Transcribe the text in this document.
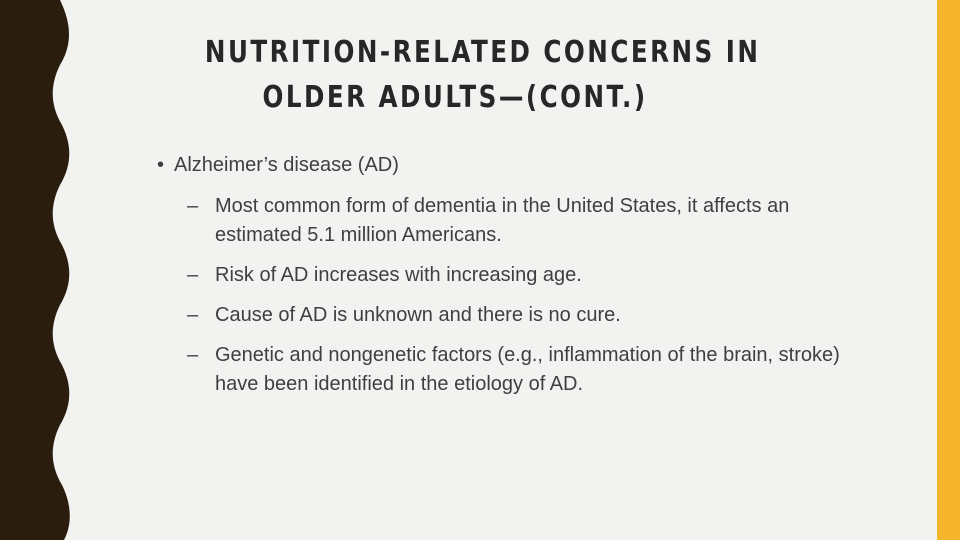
NUTRITION-RELATED CONCERNS IN
OLDER ADULTS—(CONT.)

• Alzheimer’s disease (AD)

– Most common form of dementia in the United States, it affects an estimated 5.1 million Americans.
– Risk of AD increases with increasing age.
– Cause of AD is unknown and there is no cure.
– Genetic and nongenetic factors (e.g., inflammation of the brain, stroke) have been identified in the etiology of AD.
